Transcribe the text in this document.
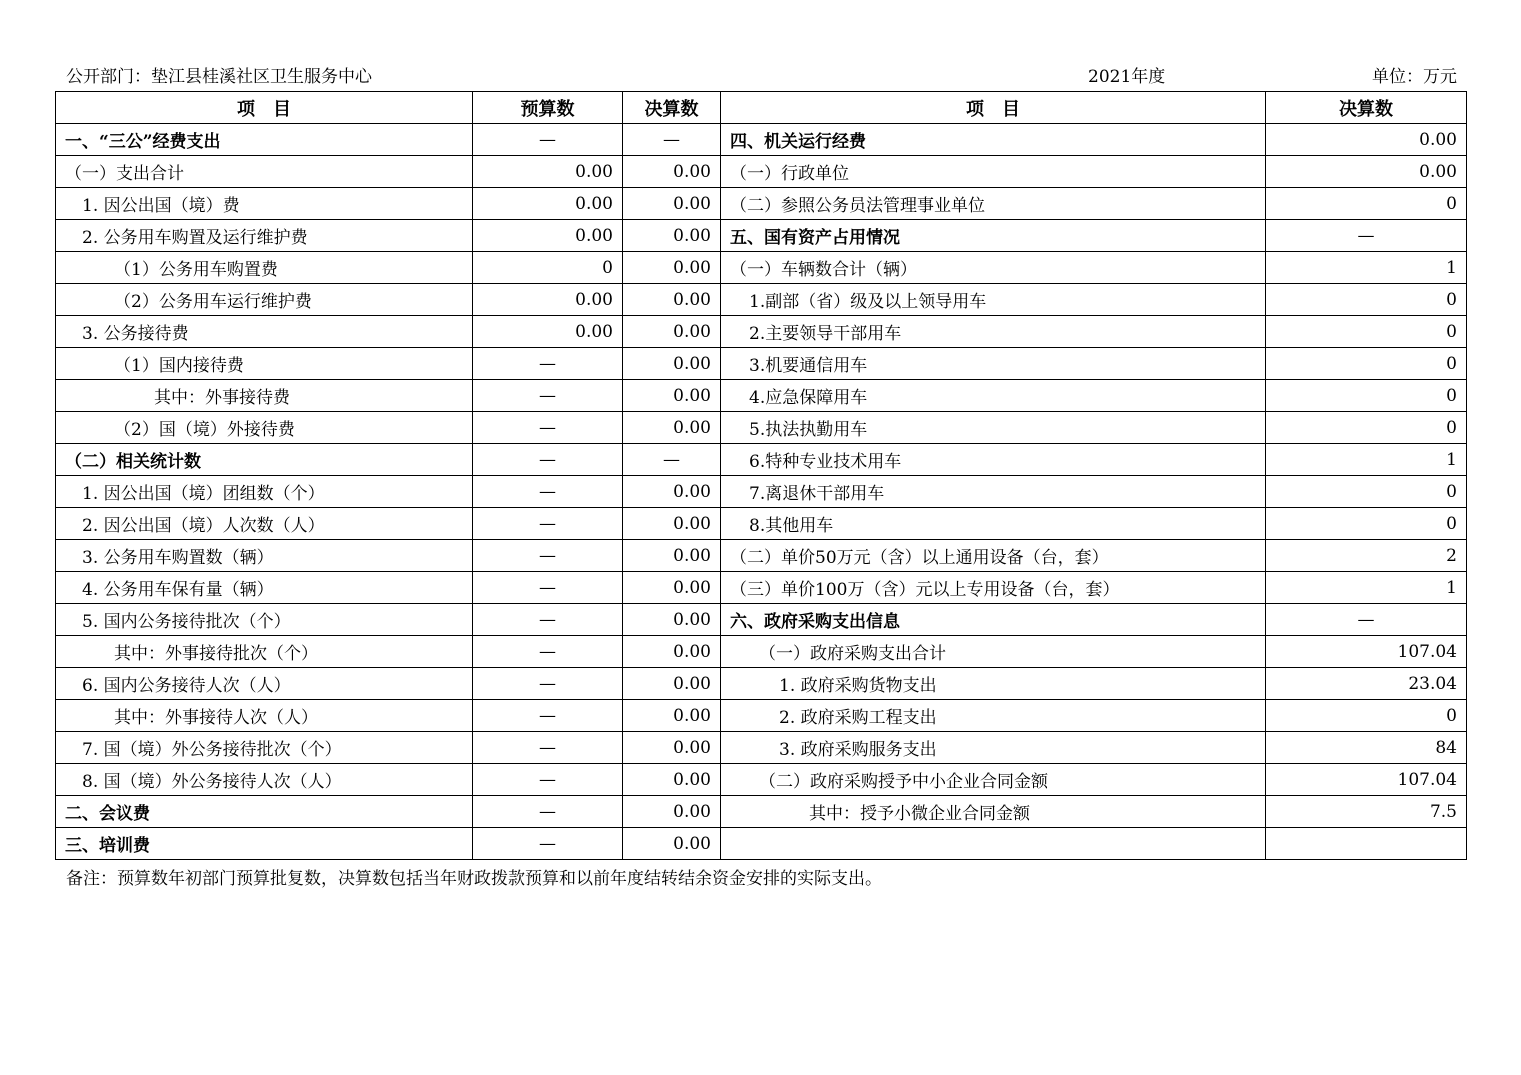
公开部门：垫江县桂溪社区卫生服务中心	2021年度	单位：万元
项　目	预算数	决算数	项　目	决算数
一、“三公”经费支出	—	—	四、机关运行经费	0.00
（一）支出合计	0.00	0.00	（一）行政单位	0.00
1. 因公出国（境）费	0.00	0.00	（二）参照公务员法管理事业单位	0
2. 公务用车购置及运行维护费	0.00	0.00	五、国有资产占用情况	—
（1）公务用车购置费	0	0.00	（一）车辆数合计（辆）	1
（2）公务用车运行维护费	0.00	0.00	1.副部（省）级及以上领导用车	0
3. 公务接待费	0.00	0.00	2.主要领导干部用车	0
（1）国内接待费	—	0.00	3.机要通信用车	0
其中：外事接待费	—	0.00	4.应急保障用车	0
（2）国（境）外接待费	—	0.00	5.执法执勤用车	0
（二）相关统计数	—	—	6.特种专业技术用车	1
1. 因公出国（境）团组数（个）	—	0.00	7.离退休干部用车	0
2. 因公出国（境）人次数（人）	—	0.00	8.其他用车	0
3. 公务用车购置数（辆）	—	0.00	（二）单价50万元（含）以上通用设备（台，套）	2
4. 公务用车保有量（辆）	—	0.00	（三）单价100万（含）元以上专用设备（台，套）	1
5. 国内公务接待批次（个）	—	0.00	六、政府采购支出信息	—
其中：外事接待批次（个）	—	0.00	（一）政府采购支出合计	107.04
6. 国内公务接待人次（人）	—	0.00	1. 政府采购货物支出	23.04
其中：外事接待人次（人）	—	0.00	2. 政府采购工程支出	0
7. 国（境）外公务接待批次（个）	—	0.00	3. 政府采购服务支出	84
8. 国（境）外公务接待人次（人）	—	0.00	（二）政府采购授予中小企业合同金额	107.04
二、会议费	—	0.00	其中：授予小微企业合同金额	7.5
三、培训费	—	0.00		
备注：预算数年初部门预算批复数，决算数包括当年财政拨款预算和以前年度结转结余资金安排的实际支出。
